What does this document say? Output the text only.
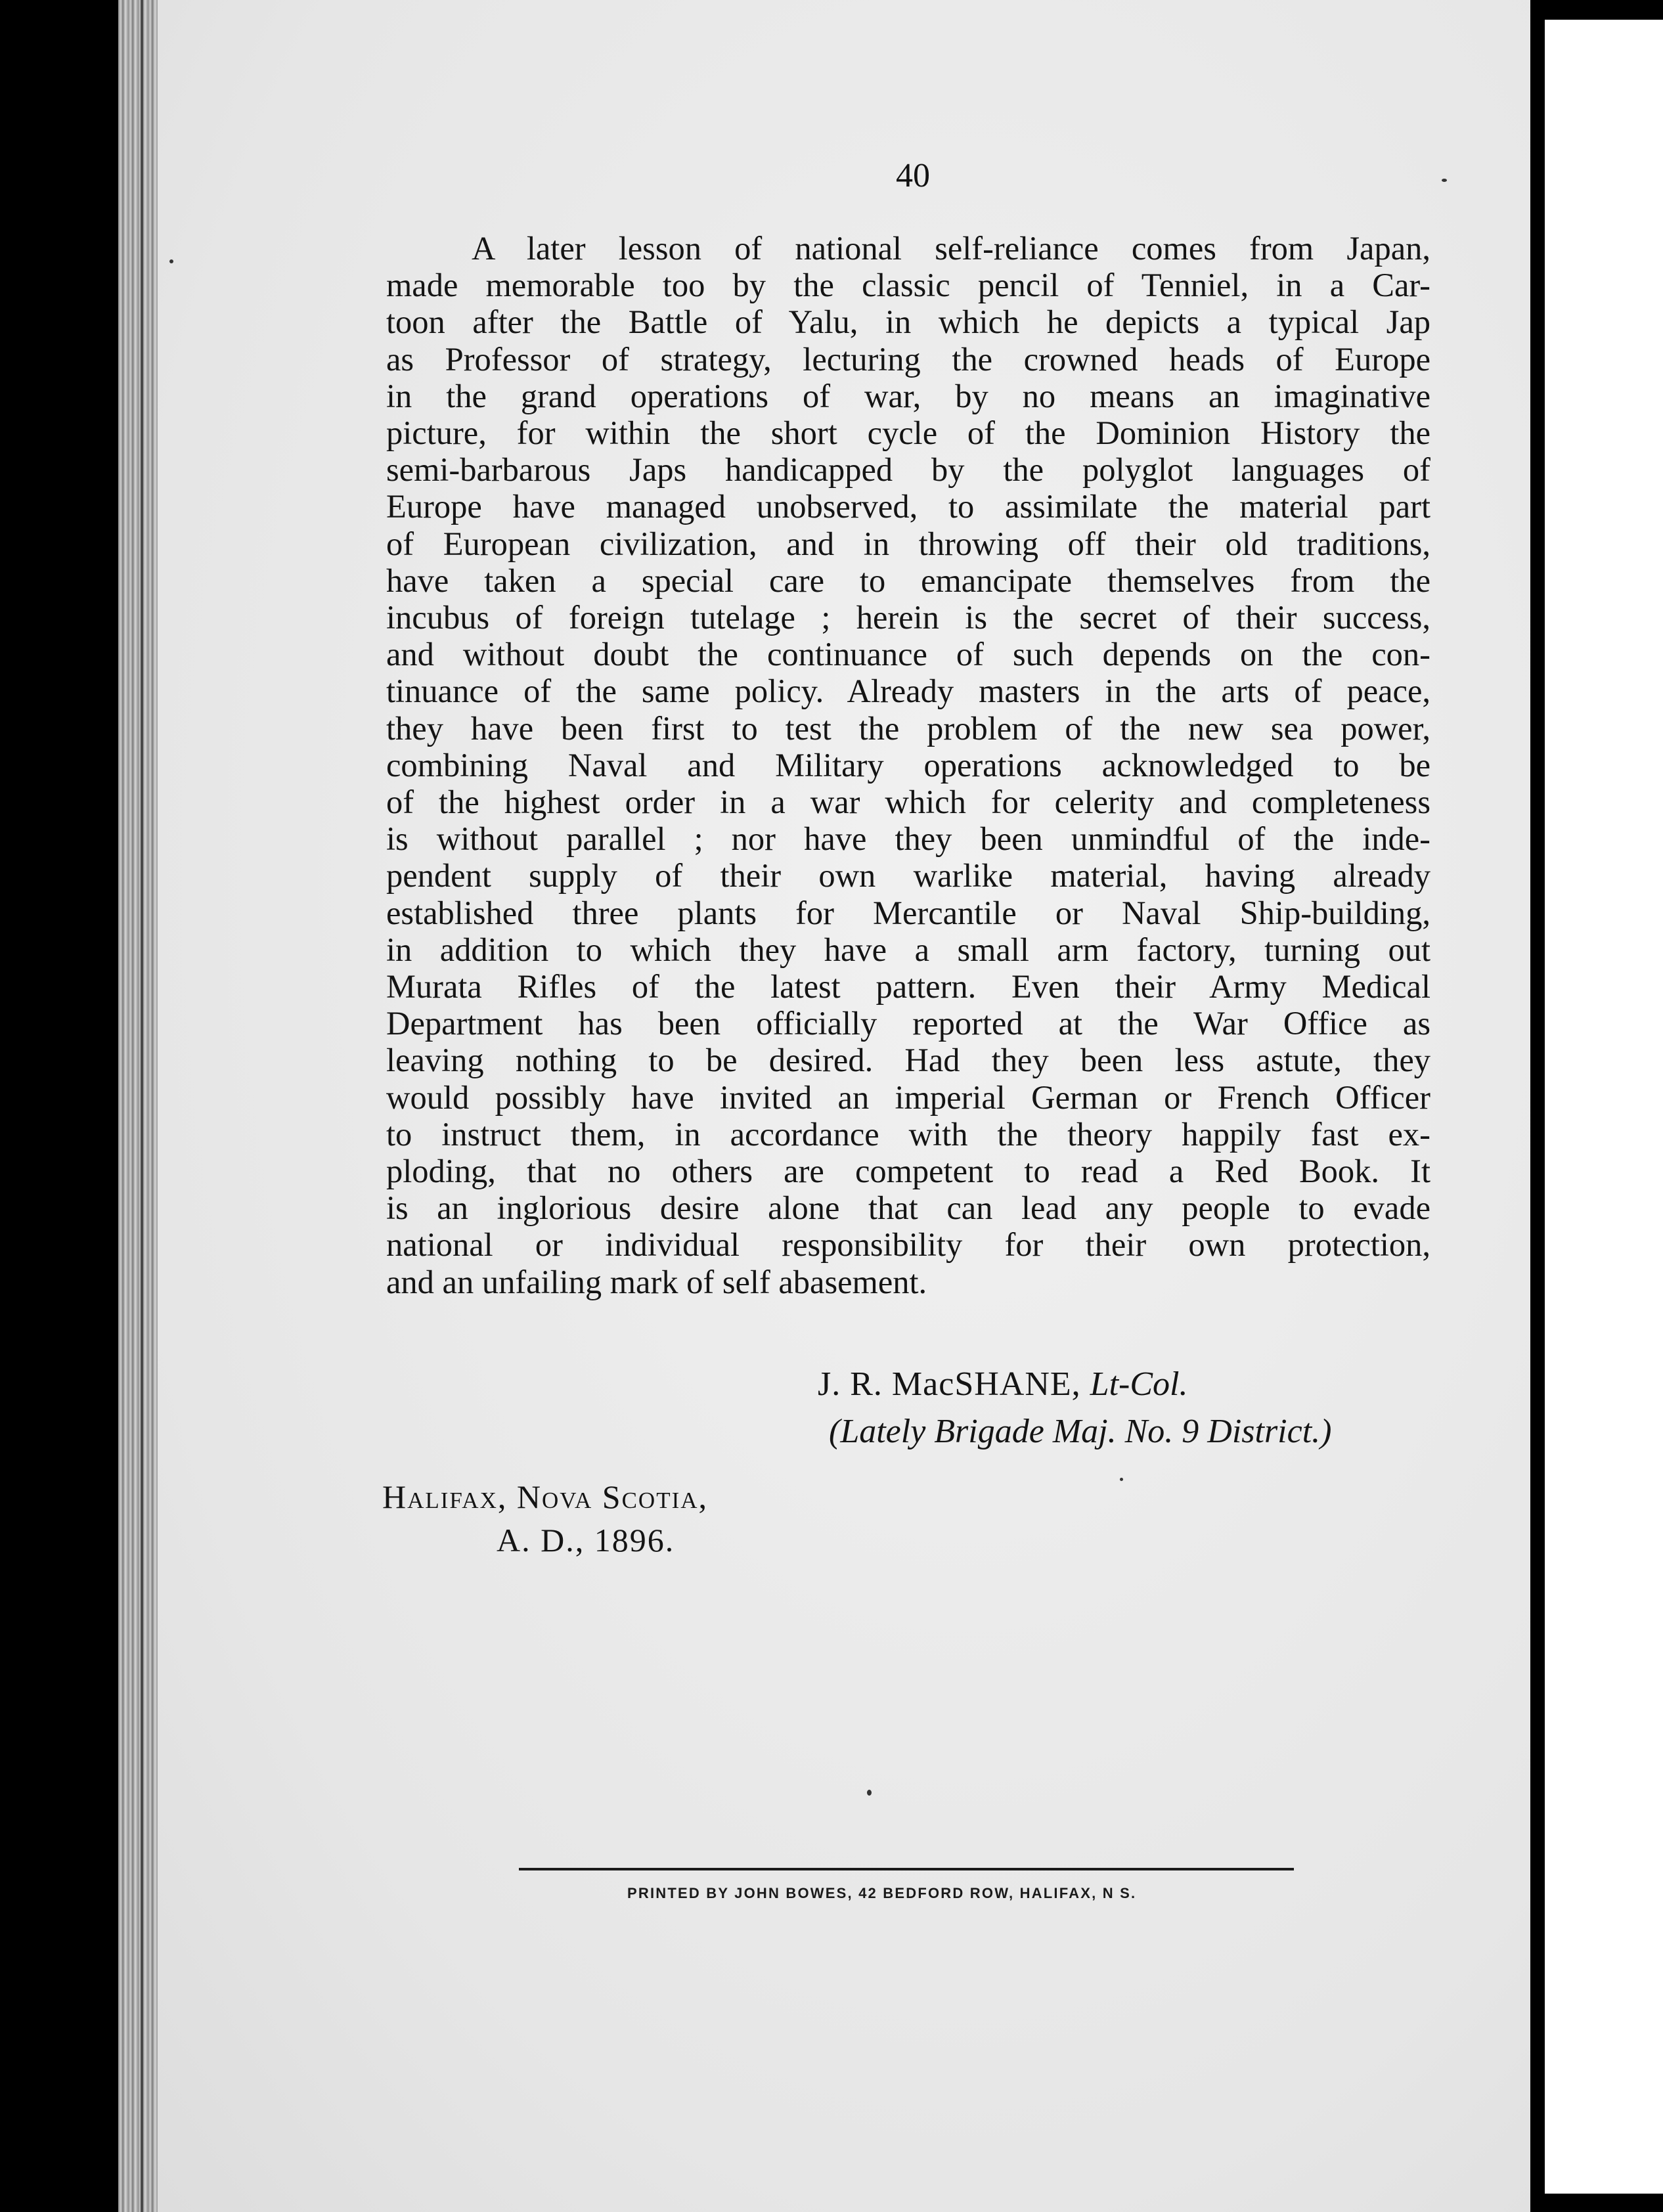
40
A later lesson of national self-reliance comes from Japan,
made memorable too by the classic pencil of Tenniel, in a Car-
toon after the Battle of Yalu, in which he depicts a typical Jap
as Professor of strategy, lecturing the crowned heads of Europe
in the grand operations of war, by no means an imaginative
picture, for within the short cycle of the Dominion History the
semi-barbarous Japs handicapped by the polyglot languages of
Europe have managed unobserved, to assimilate the material part
of European civilization, and in throwing off their old traditions,
have taken a special care to emancipate themselves from the
incubus of foreign tutelage ; herein is the secret of their success,
and without doubt the continuance of such depends on the con-
tinuance of the same policy. Already masters in the arts of peace,
they have been first to test the problem of the new sea power,
combining Naval and Military operations acknowledged to be
of the highest order in a war which for celerity and completeness
is without parallel ; nor have they been unmindful of the inde-
pendent supply of their own warlike material, having already
established three plants for Mercantile or Naval Ship-building,
in addition to which they have a small arm factory, turning out
Murata Rifles of the latest pattern. Even their Army Medical
Department has been officially reported at the War Office as
leaving nothing to be desired. Had they been less astute, they
would possibly have invited an imperial German or French Officer
to instruct them, in accordance with the theory happily fast ex-
ploding, that no others are competent to read a Red Book. It
is an inglorious desire alone that can lead any people to evade
national or individual responsibility for their own protection,
and an unfailing mark of self abasement.
J. R. MacSHANE, Lt-Col.
(Lately Brigade Maj. No. 9 District.)
Halifax, Nova Scotia,
A. D., 1896.
PRINTED BY JOHN BOWES, 42 BEDFORD ROW, HALIFAX, N S.
